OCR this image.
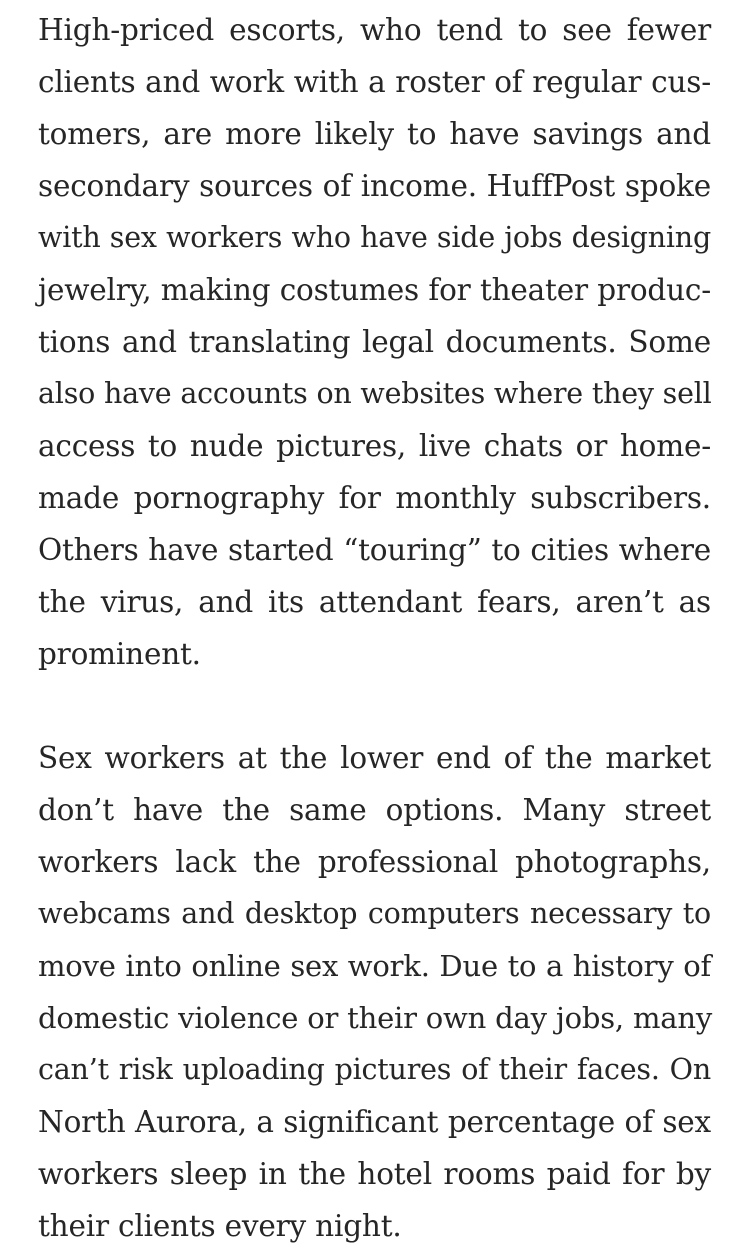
High-priced escorts, who tend to see fewer
clients and work with a roster of regular cus-
tomers, are more likely to have savings and
secondary sources of income. HuffPost spoke
with sex workers who have side jobs designing
jewelry, making costumes for theater produc-
tions and translating legal documents. Some
also have accounts on websites where they sell
access to nude pictures, live chats or home-
made pornography for monthly subscribers.
Others have started “touring” to cities where
the virus, and its attendant fears, aren’t as
prominent.
Sex workers at the lower end of the market
don’t have the same options. Many street
workers lack the professional photographs,
webcams and desktop computers necessary to
move into online sex work. Due to a history of
domestic violence or their own day jobs, many
can’t risk uploading pictures of their faces. On
North Aurora, a significant percentage of sex
workers sleep in the hotel rooms paid for by
their clients every night.
